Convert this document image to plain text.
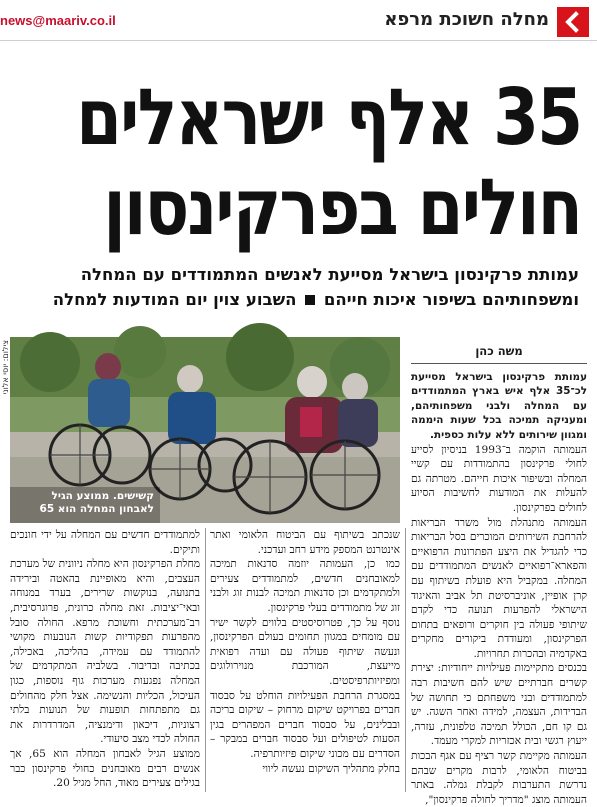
news@maariv.co.il	מחלה חשוכת מרפא
35 אלף ישראלים
חולים בפרקינסון
עמותת פרקינסון בישראל מסייעת לאנשים המתמודדים עם המחלה ומשפחותיהם בשיפור איכות חייהם  השבוע צוין יום המודעות למחלה
צילום: יוסי אלוני
קשישים. ממוצע הגיל לאבחון המחלה הוא 65
משה כהן

עמותת פרקינסון בישראל מסייעת לכ־35 אלף איש בארץ המתמודדים עם המחלה ולבני משפחותיהם, ומעניקה תמיכה בכל שעות היממה ומגוון שירותים ללא עלות כספית.

העמותה הוקמה ב־1993 בניסיון לסייע לחולי פרקינסון בהתמודדות עם קשיי המחלה ובשיפור איכות חייהם. מטרתה גם להעלות את המודעות לחשיבות הסיוע לחולים בפרקינסון.

העמותה מתנהלת מול משרד הבריאות להרחבת השירותים המוכרים בסל הבריאות כדי להגדיל את היצע הפתרונות הרפואיים והפארא־רפואיים לאנשים המתמודדים עם המחלה. במקביל היא פועלת בשיתוף עם קרן אופיין, אוניברסיטת תל אביב והאיגוד הישראלי להפרעות תנועה כדי לקדם שיתופי פעולה בין חוקרים ורופאים בתחום הפרקינסון, ומעודדת ביקורים מחקרים באקדמיה ובהכרות תחרויות.

בכנסים מתקיימות פעילויות ייחודיות: יצירת קשרים חברתיים שיש להם חשיבות רבה למתמודדים ובני משפחתם כי תחושה של הבדידות, העצמה, למידה ואחר השגה. יש גם קו חם, הכולל תמיכה טלפונית, עזרה, ייעוץ רגשי ובית אכזריות למקרי מעמד.

העמותה מקיימת קשר רציף עם אגף הבכות בביטוח הלאומי, לרבות מקרים שבהם נדרשת התערבות לקבלת גמלה. באתר העמותה מוצג "מדריך לחולה פרקינסון",

שנכתב בשיתוף עם הביטוח הלאומי ואתר אינטרנט המספק מידע רחב ועדכני.

כמו כן, העמותה יוזמה סדנאות תמיכה למאובחנים חדשים, למתמודדים צעירים ולמתקדמים וכן סדנאות תמיכה לבנות זוג ולבני זוג של מתמודדים בעלי פרקינסון.

נוסף על כך, פטרוסיסטים בלווים לקשר ישיר עם מומחים במגוון תחומים בעולם הפרקינסון, ונעשה שיתוף פעולה עם ועדה רפואית מייעצת, המורכבת מנוירולוגים ומפיזיותרפיסטים.

במסגרת הרחבת הפעילויות הוחלט על סבסוד חברים בפרויקט שיקום מרחוק – שיקום בריכה ובבלינים, על סבסוד חברים המפהרים בגין הסעות לטיפולים ועל סבסוד חברים במבקר – הסדרים עם מכוני שיקום פיזיותרפיה.

בחלק מתהליך השיקום נעשה ליווי

למתמודדים חדשים עם המחלה על ידי חונכים ותיקים.

מחלת הפרקינסון היא מחלה ניוונית של מערכת העצבים, והיא מאופיינת בהאטה ובירידה בתנועה, בנוקשות שרירים, בערד במנוחה ובאי־יציבות. זאת מחלה כרונית, פרוגרסיבית, רב־מערכתית וחשוכת מרפא. החולה סובל מהפרעות תפקודיות קשות הנובעות מקושי להתמודד עם עמידה, בהליכה, באכילה, בכתיבה ובדיבור. בשלביה המתקדמים של המחלה נפגעות מערכות גוף נוספות, כגון העיכול, הכליות והנשימה. אצל חלק מהחולים גם מתפתחות תופעות של תנועות בלתי רצוניות, דיכאון ודימנציה, המדרדרות את החולה לכדי מצב סיעודי.

ממוצע הגיל לאבחון המחלה הוא 65, אך אנשים רבים מאובחנים כחולי פרקינסון כבר בגילים צעירים מאוד, החל מגיל 20.
